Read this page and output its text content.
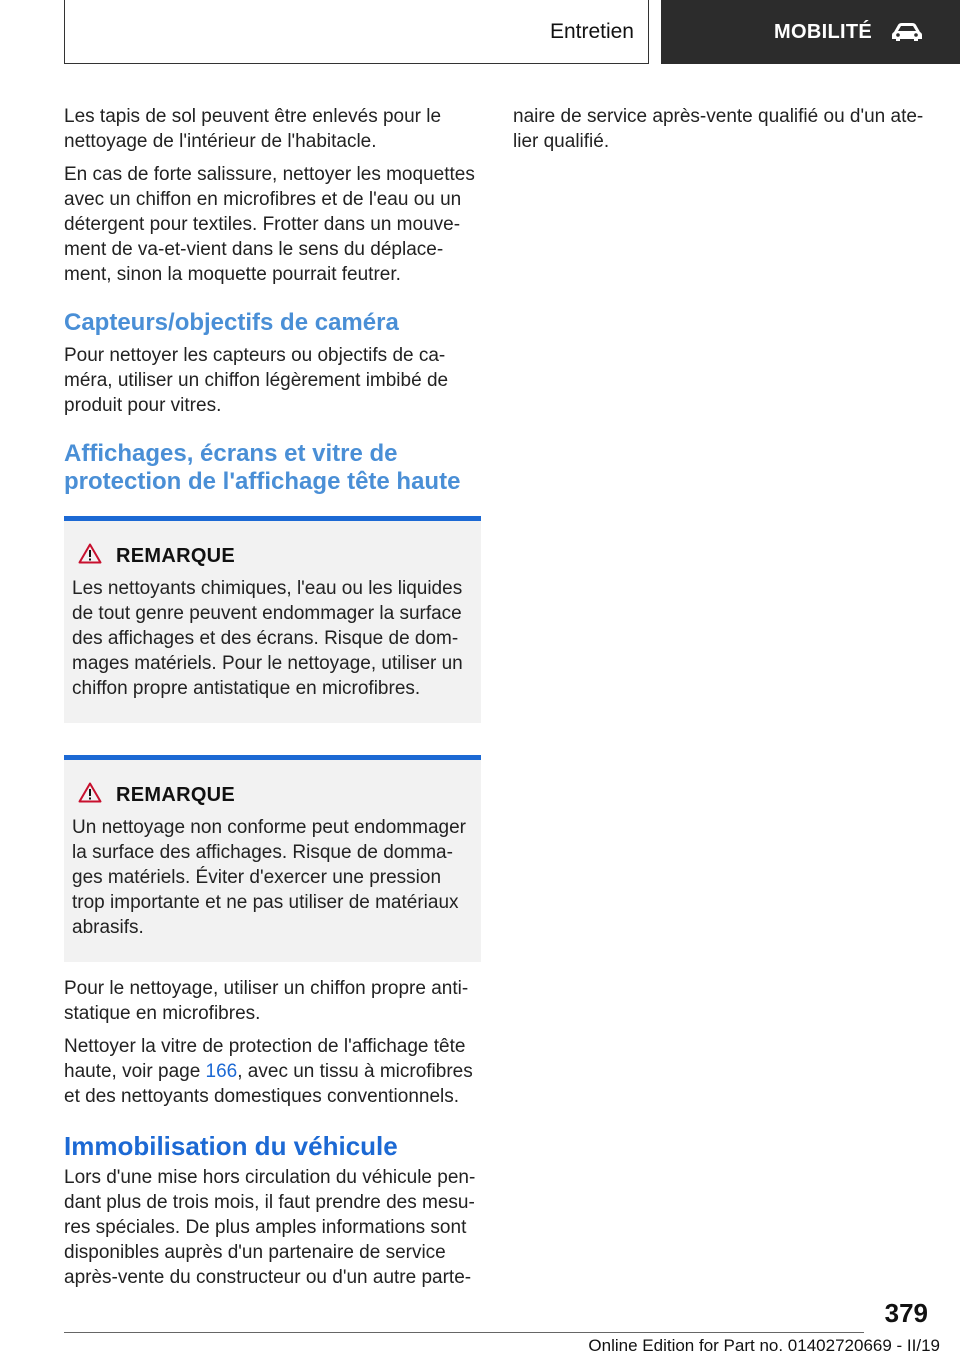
Entretien	MOBILITÉ

Les tapis de sol peuvent être enlevés pour le nettoyage de l'intérieur de l'habitacle.

En cas de forte salissure, nettoyer les moquettes avec un chiffon en microfibres et de l'eau ou un détergent pour textiles. Frotter dans un mouve-ment de va-et-vient dans le sens du déplace-ment, sinon la moquette pourrait feutrer.

Capteurs/objectifs de caméra

Pour nettoyer les capteurs ou objectifs de ca-méra, utiliser un chiffon légèrement imbibé de produit pour vitres.

Affichages, écrans et vitre de protection de l'affichage tête haute
REMARQUE

Les nettoyants chimiques, l'eau ou les liquides de tout genre peuvent endommager la surface des affichages et des écrans. Risque de dom-mages matériels. Pour le nettoyage, utiliser un chiffon propre antistatique en microfibres.

REMARQUE

Un nettoyage non conforme peut endommager la surface des affichages. Risque de domma-ges matériels. Éviter d'exercer une pression trop importante et ne pas utiliser de matériaux abrasifs.

Pour le nettoyage, utiliser un chiffon propre anti-statique en microfibres.

Nettoyer la vitre de protection de l'affichage tête haute, voir page 166, avec un tissu à microfibres et des nettoyants domestiques conventionnels.

Immobilisation du véhicule

Lors d'une mise hors circulation du véhicule pen-dant plus de trois mois, il faut prendre des mesu-res spéciales. De plus amples informations sont disponibles auprès d'un partenaire de service après-vente du constructeur ou d'un autre parte-

naire de service après-vente qualifié ou d'un ate-lier qualifié.

379
Online Edition for Part no. 01402720669 - II/19
